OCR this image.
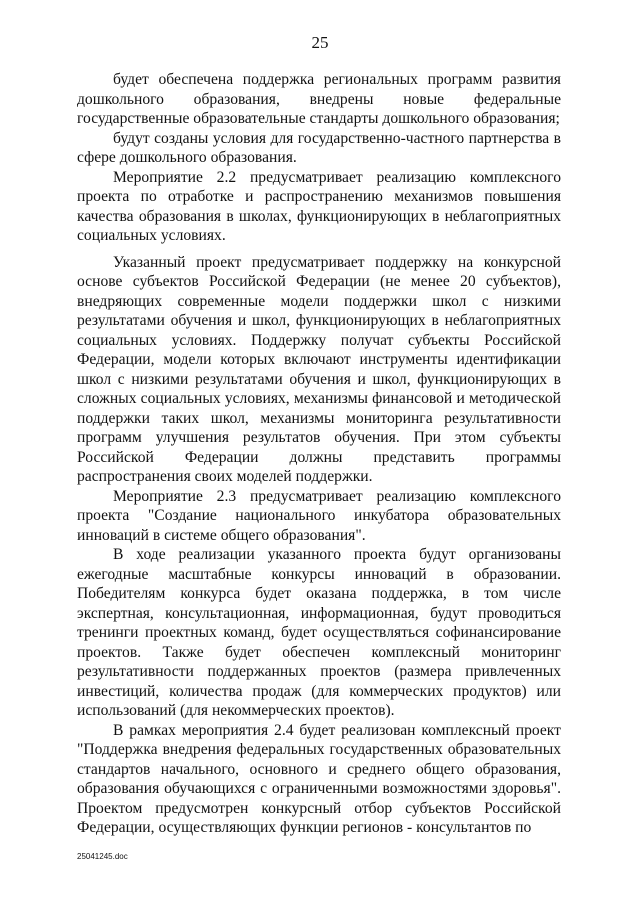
25

будет обеспечена поддержка региональных программ развития дошкольного образования, внедрены новые федеральные государственные образовательные стандарты дошкольного образования;

будут созданы условия для государственно-частного партнерства в сфере дошкольного образования.

Мероприятие 2.2 предусматривает реализацию комплексного проекта по отработке и распространению механизмов повышения качества образования в школах, функционирующих в неблагоприятных социальных условиях.

Указанный проект предусматривает поддержку на конкурсной основе субъектов Российской Федерации (не менее 20 субъектов), внедряющих современные модели поддержки школ с низкими результатами обучения и школ, функционирующих в неблагоприятных социальных условиях. Поддержку получат субъекты Российской Федерации, модели которых включают инструменты идентификации школ с низкими результатами обучения и школ, функционирующих в сложных социальных условиях, механизмы финансовой и методической поддержки таких школ, механизмы мониторинга результативности программ улучшения результатов обучения. При этом субъекты Российской Федерации должны представить программы распространения своих моделей поддержки.

Мероприятие 2.3 предусматривает реализацию комплексного проекта "Создание национального инкубатора образовательных инноваций в системе общего образования".

В ходе реализации указанного проекта будут организованы ежегодные масштабные конкурсы инноваций в образовании. Победителям конкурса будет оказана поддержка, в том числе экспертная, консультационная, информационная, будут проводиться тренинги проектных команд, будет осуществляться софинансирование проектов. Также будет обеспечен комплексный мониторинг результативности поддержанных проектов (размера привлеченных инвестиций, количества продаж (для коммерческих продуктов) или использований (для некоммерческих проектов).

В рамках мероприятия 2.4 будет реализован комплексный проект "Поддержка внедрения федеральных государственных образовательных стандартов начального, основного и среднего общего образования, образования обучающихся с ограниченными возможностями здоровья". Проектом предусмотрен конкурсный отбор субъектов Российской Федерации, осуществляющих функции регионов - консультантов по

25041245.doc
